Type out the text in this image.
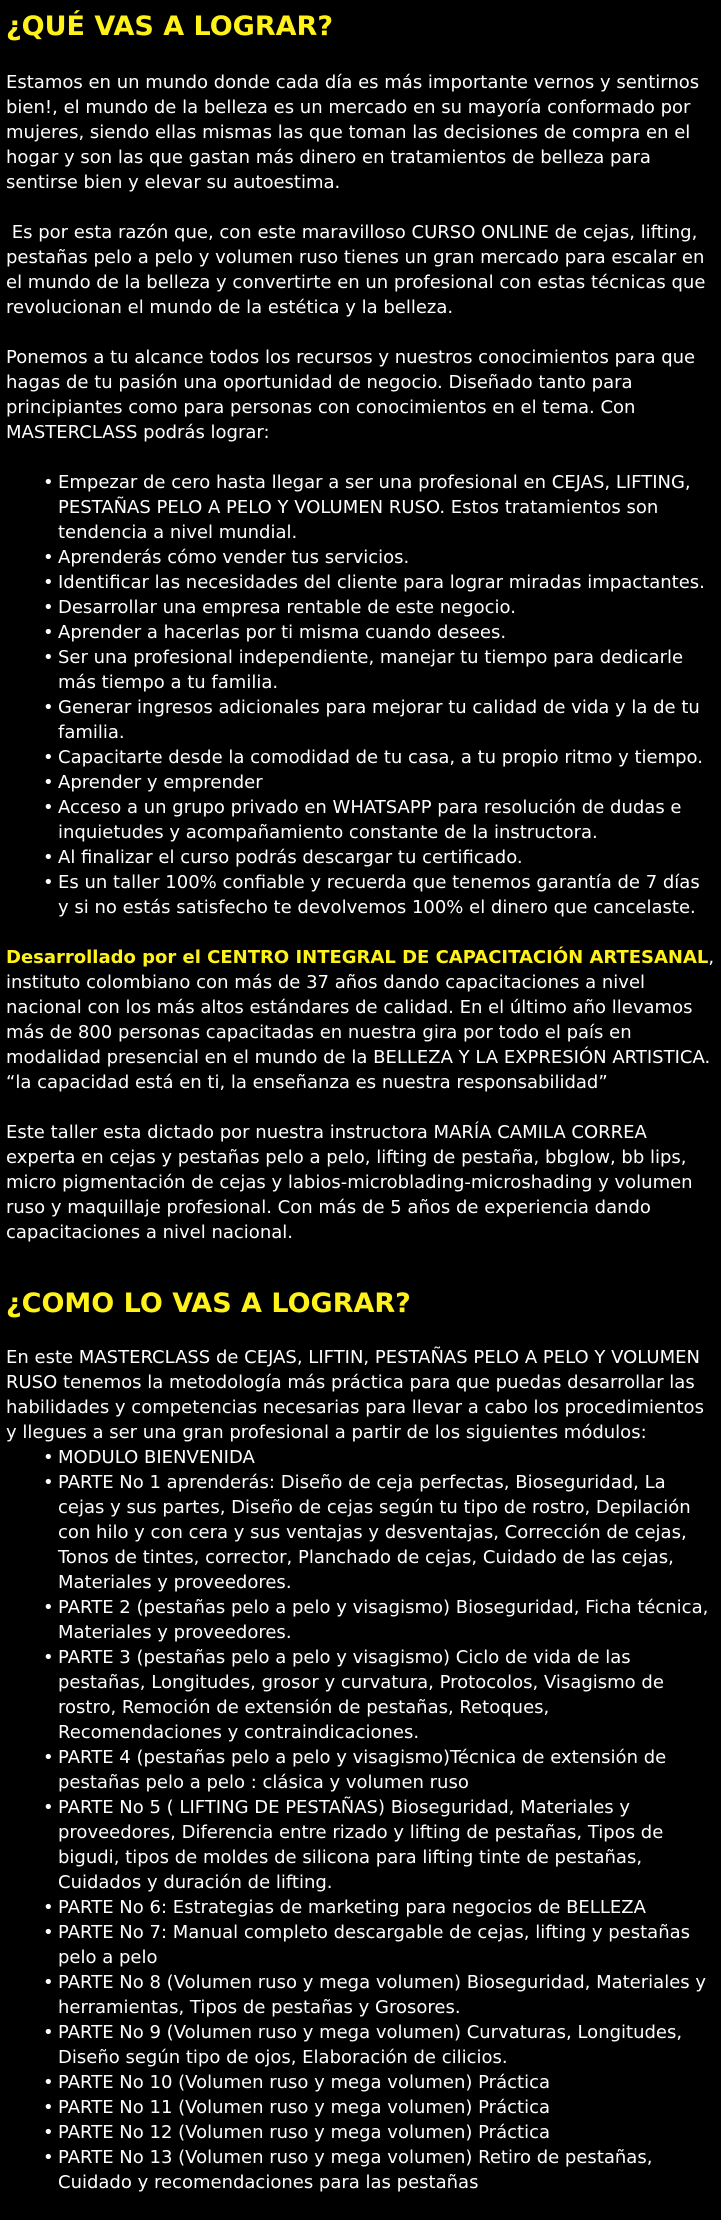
¿QUÉ VAS A LOGRAR?

Estamos en un mundo donde cada día es más importante vernos y sentirnos bien!, el mundo de la belleza es un mercado en su mayoría conformado por mujeres, siendo ellas mismas las que toman las decisiones de compra en el hogar y son las que gastan más dinero en tratamientos de belleza para sentirse bien y elevar su autoestima.

Es por esta razón que, con este maravilloso CURSO ONLINE de cejas, lifting, pestañas pelo a pelo y volumen ruso tienes un gran mercado para escalar en el mundo de la belleza y convertirte en un profesional con estas técnicas que revolucionan el mundo de la estética y la belleza.

Ponemos a tu alcance todos los recursos y nuestros conocimientos para que hagas de tu pasión una oportunidad de negocio. Diseñado tanto para principiantes como para personas con conocimientos en el tema. Con MASTERCLASS podrás lograr:

• Empezar de cero hasta llegar a ser una profesional en CEJAS, LIFTING, PESTAÑAS PELO A PELO Y VOLUMEN RUSO. Estos tratamientos son tendencia a nivel mundial.
• Aprenderás cómo vender tus servicios.
• Identificar las necesidades del cliente para lograr miradas impactantes.
• Desarrollar una empresa rentable de este negocio.
• Aprender a hacerlas por ti misma cuando desees.
• Ser una profesional independiente, manejar tu tiempo para dedicarle más tiempo a tu familia.
• Generar ingresos adicionales para mejorar tu calidad de vida y la de tu familia.
• Capacitarte desde la comodidad de tu casa, a tu propio ritmo y tiempo.
• Aprender y emprender
• Acceso a un grupo privado en WHATSAPP para resolución de dudas e inquietudes y acompañamiento constante de la instructora.
• Al finalizar el curso podrás descargar tu certificado.
• Es un taller 100% confiable y recuerda que tenemos garantía de 7 días y si no estás satisfecho te devolvemos 100% el dinero que cancelaste.

Desarrollado por el CENTRO INTEGRAL DE CAPACITACIÓN ARTESANAL, instituto colombiano con más de 37 años dando capacitaciones a nivel nacional con los más altos estándares de calidad. En el último año llevamos más de 800 personas capacitadas en nuestra gira por todo el país en modalidad presencial en el mundo de la BELLEZA Y LA EXPRESIÓN ARTISTICA. “la capacidad está en ti, la enseñanza es nuestra responsabilidad”

Este taller esta dictado por nuestra instructora MARÍA CAMILA CORREA experta en cejas y pestañas pelo a pelo, lifting de pestaña, bbglow, bb lips, micro pigmentación de cejas y labios-microblading-microshading y volumen ruso y maquillaje profesional. Con más de 5 años de experiencia dando capacitaciones a nivel nacional.

¿COMO LO VAS A LOGRAR?

En este MASTERCLASS de CEJAS, LIFTIN, PESTAÑAS PELO A PELO Y VOLUMEN RUSO tenemos la metodología más práctica para que puedas desarrollar las habilidades y competencias necesarias para llevar a cabo los procedimientos y llegues a ser una gran profesional a partir de los siguientes módulos:

• MODULO BIENVENIDA
• PARTE No 1 aprenderás: Diseño de ceja perfectas, Bioseguridad, La cejas y sus partes, Diseño de cejas según tu tipo de rostro, Depilación con hilo y con cera y sus ventajas y desventajas, Corrección de cejas, Tonos de tintes, corrector, Planchado de cejas, Cuidado de las cejas, Materiales y proveedores.
• PARTE 2 (pestañas pelo a pelo y visagismo) Bioseguridad, Ficha técnica, Materiales y proveedores.
• PARTE 3 (pestañas pelo a pelo y visagismo) Ciclo de vida de las pestañas, Longitudes, grosor y curvatura, Protocolos, Visagismo de rostro, Remoción de extensión de pestañas, Retoques, Recomendaciones y contraindicaciones.
• PARTE 4 (pestañas pelo a pelo y visagismo)Técnica de extensión de pestañas pelo a pelo : clásica y volumen ruso
• PARTE No 5 ( LIFTING DE PESTAÑAS) Bioseguridad, Materiales y proveedores, Diferencia entre rizado y lifting de pestañas, Tipos de bigudi, tipos de moldes de silicona para lifting tinte de pestañas, Cuidados y duración de lifting.
• PARTE No 6: Estrategias de marketing para negocios de BELLEZA
• PARTE No 7: Manual completo descargable de cejas, lifting y pestañas pelo a pelo
• PARTE No 8 (Volumen ruso y mega volumen) Bioseguridad, Materiales y herramientas, Tipos de pestañas y Grosores.
• PARTE No 9 (Volumen ruso y mega volumen) Curvaturas, Longitudes, Diseño según tipo de ojos, Elaboración de cilicios.
• PARTE No 10 (Volumen ruso y mega volumen) Práctica
• PARTE No 11 (Volumen ruso y mega volumen) Práctica
• PARTE No 12 (Volumen ruso y mega volumen) Práctica
• PARTE No 13 (Volumen ruso y mega volumen) Retiro de pestañas, Cuidado y recomendaciones para las pestañas
